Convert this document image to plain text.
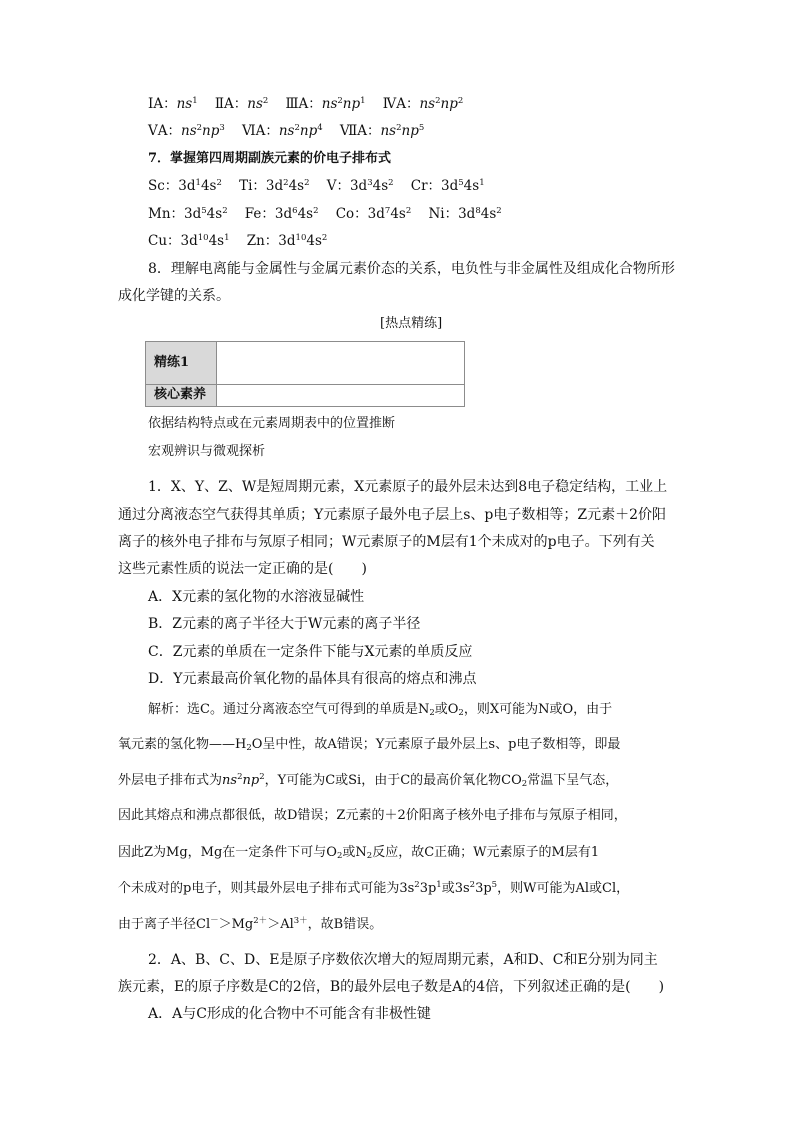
ⅠA：$ns^1$ ⅡA：$ns^2$ ⅢA：$ns^2np^1$ ⅣA：$ns^2np^2$
ⅤA：$ns^2np^3$ ⅥA：$ns^2np^4$ ⅦA：$ns^2np^5$
7．掌握第四周期副族元素的价电子排布式
Sc：$3d^14s^2$ Ti：$3d^24s^2$ V：$3d^34s^2$ Cr：$3d^54s^1$
Mn：$3d^54s^2$ Fe：$3d^64s^2$ Co：$3d^74s^2$ Ni：$3d^84s^2$
Cu：$3d^{10}4s^1$ Zn：$3d^{10}4s^2$
8．理解电离能与金属性与金属元素价态的关系，电负性与非金属性及组成化合物所形
成化学键的关系。
[热点精练]
精练1
核心素养
依据结构特点或在元素周期表中的位置推断
宏观辨识与微观探析
1．X、Y、Z、W是短周期元素，X元素原子的最外层未达到8电子稳定结构，工业上
通过分离液态空气获得其单质；Y元素原子最外电子层上s、p电子数相等；Z元素＋2价阳
离子的核外电子排布与氖原子相同；W元素原子的M层有1个未成对的p电子。下列有关
这些元素性质的说法一定正确的是(　　)
A．X元素的氢化物的水溶液显碱性
B．Z元素的离子半径大于W元素的离子半径
C．Z元素的单质在一定条件下能与X元素的单质反应
D．Y元素最高价氧化物的晶体具有很高的熔点和沸点
解析：选C。通过分离液态空气可得到的单质是$N_2$或$O_2$，则X可能为N或O，由于
氧元素的氢化物$——H_2O$呈中性，故A错误；Y元素原子最外层上s、p电子数相等，即最
外层电子排布式为$ns^2np^2$，Y可能为C或Si，由于C的最高价氧化物$CO_2$常温下呈气态，
因此其熔点和沸点都很低，故D错误；Z元素的＋2价阳离子核外电子排布与氖原子相同，
因此Z为Mg，Mg在一定条件下可与$O_2$或$N_2$反应，故C正确；W元素原子的M层有1
个未成对的p电子，则其最外层电子排布式可能为$3s^23p^1$或$3s^23p^5$，则W可能为Al或Cl，
由于离子半径$Cl^->Mg^{2+}>Al^{3+}$，故B错误。
2．A、B、C、D、E是原子序数依次增大的短周期元素，A和D、C和E分别为同主
族元素，E的原子序数是C的2倍，B的最外层电子数是A的4倍，下列叙述正确的是(　　)
A．A与C形成的化合物中不可能含有非极性键
